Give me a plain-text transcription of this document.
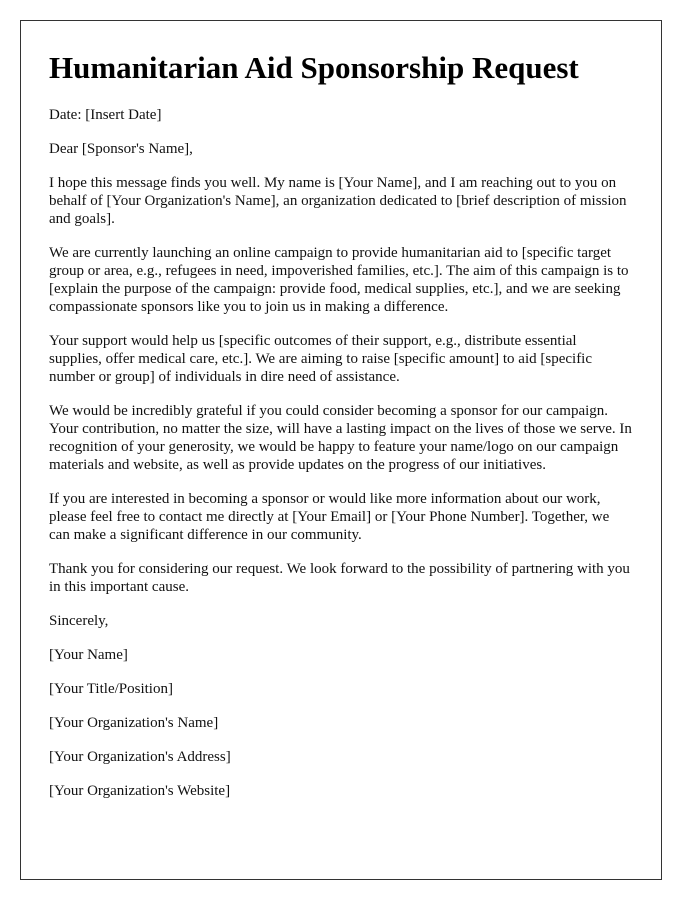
Humanitarian Aid Sponsorship Request

Date: [Insert Date]

Dear [Sponsor's Name],

I hope this message finds you well. My name is [Your Name], and I am reaching out to you on behalf of [Your Organization's Name], an organization dedicated to [brief description of mission and goals].

We are currently launching an online campaign to provide humanitarian aid to [specific target group or area, e.g., refugees in need, impoverished families, etc.]. The aim of this campaign is to [explain the purpose of the campaign: provide food, medical supplies, etc.], and we are seeking compassionate sponsors like you to join us in making a difference.

Your support would help us [specific outcomes of their support, e.g., distribute essential supplies, offer medical care, etc.]. We are aiming to raise [specific amount] to aid [specific number or group] of individuals in dire need of assistance.

We would be incredibly grateful if you could consider becoming a sponsor for our campaign. Your contribution, no matter the size, will have a lasting impact on the lives of those we serve. In recognition of your generosity, we would be happy to feature your name/logo on our campaign materials and website, as well as provide updates on the progress of our initiatives.

If you are interested in becoming a sponsor or would like more information about our work, please feel free to contact me directly at [Your Email] or [Your Phone Number]. Together, we can make a significant difference in our community.

Thank you for considering our request. We look forward to the possibility of partnering with you in this important cause.

Sincerely,

[Your Name]

[Your Title/Position]

[Your Organization's Name]

[Your Organization's Address]

[Your Organization's Website]
